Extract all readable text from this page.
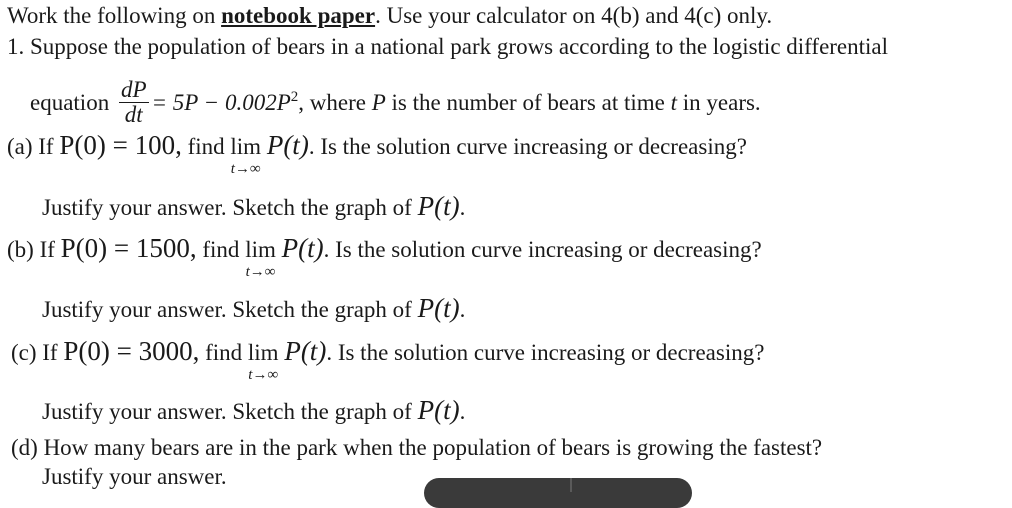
Work the following on notebook paper. Use your calculator on 4(b) and 4(c) only.
1. Suppose the population of bears in a national park grows according to the logistic differential
equation $\frac{dP}{dt} = 5P - 0.002P^2$, where P is the number of bears at time t in years.
(a) If P(0) = 100, find lim
t→∞
P(t). Is the solution curve increasing or decreasing?
Justify your answer. Sketch the graph of P(t).
(b) If P(0) = 1500, find lim
t→∞
P(t). Is the solution curve increasing or decreasing?
Justify your answer. Sketch the graph of P(t).
(c) If P(0) = 3000, find lim
t→∞
P(t). Is the solution curve increasing or decreasing?
Justify your answer. Sketch the graph of P(t).
(d) How many bears are in the park when the population of bears is growing the fastest?
Justify your answer.
